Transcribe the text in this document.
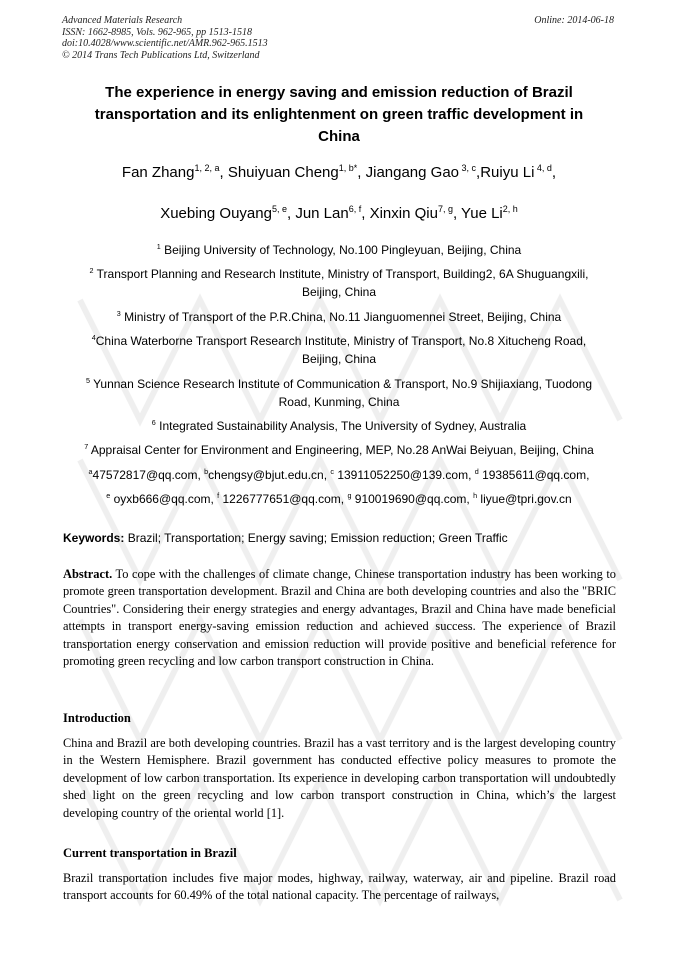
Advanced Materials Research
ISSN: 1662-8985, Vols. 962-965, pp 1513-1518
doi:10.4028/www.scientific.net/AMR.962-965.1513
© 2014 Trans Tech Publications Ltd, Switzerland
Online: 2014-06-18
The experience in energy saving and emission reduction of Brazil
transportation and its enlightenment on green traffic development in
China
Fan Zhang$^{1, 2, a}$, Shuiyuan Cheng$^{1, b*}$, Jiangang Gao $^{3, c}$,Ruiyu Li $^{4, d}$,
Xuebing Ouyang$^{5, e}$, Jun Lan$^{6, f}$, Xinxin Qiu$^{7, g}$, Yue Li$^{2, h}$
$^1$ Beijing University of Technology, No.100 Pingleyuan, Beijing, China
$^2$ Transport Planning and Research Institute, Ministry of Transport, Building2, 6A Shuguangxili,
Beijing, China
$^3$ Ministry of Transport of the P.R.China, No.11 Jianguomennei Street, Beijing, China
$^4$China Waterborne Transport Research Institute, Ministry of Transport, No.8 Xitucheng Road,
Beijing, China
$^5$ Yunnan Science Research Institute of Communication & Transport, No.9 Shijiaxiang, Tuodong
Road, Kunming, China
$^6$ Integrated Sustainability Analysis, The University of Sydney, Australia
$^7$ Appraisal Center for Environment and Engineering, MEP, No.28 AnWai Beiyuan, Beijing, China
$^a$47572817@qq.com, $^b$chengsy@bjut.edu.cn, $^c$ 13911052250@139.com, $^d$ 19385611@qq.com,
$^e$ oyxb666@qq.com, $^f$ 1226777651@qq.com, $^g$ 910019690@qq.com, $^h$ liyue@tpri.gov.cn
Keywords: Brazil; Transportation; Energy saving; Emission reduction; Green Traffic
Abstract. To cope with the challenges of climate change, Chinese transportation industry has been working to promote green transportation development. Brazil and China are both developing countries and also the "BRIC Countries". Considering their energy strategies and energy advantages, Brazil and China have made beneficial attempts in transport energy-saving emission reduction and achieved success. The experience of Brazil transportation energy conservation and emission reduction will provide positive and beneficial reference for promoting green recycling and low carbon transport construction in China.
Introduction
China and Brazil are both developing countries. Brazil has a vast territory and is the largest developing country in the Western Hemisphere. Brazil government has conducted effective policy measures to promote the development of low carbon transportation. Its experience in developing carbon transportation will undoubtedly shed light on the green recycling and low carbon transport construction in China, which’s the largest developing country of the oriental world [1].
Current transportation in Brazil
Brazil transportation includes five major modes, highway, railway, waterway, air and pipeline. Brazil road transport accounts for 60.49% of the total national capacity. The percentage of railways,
